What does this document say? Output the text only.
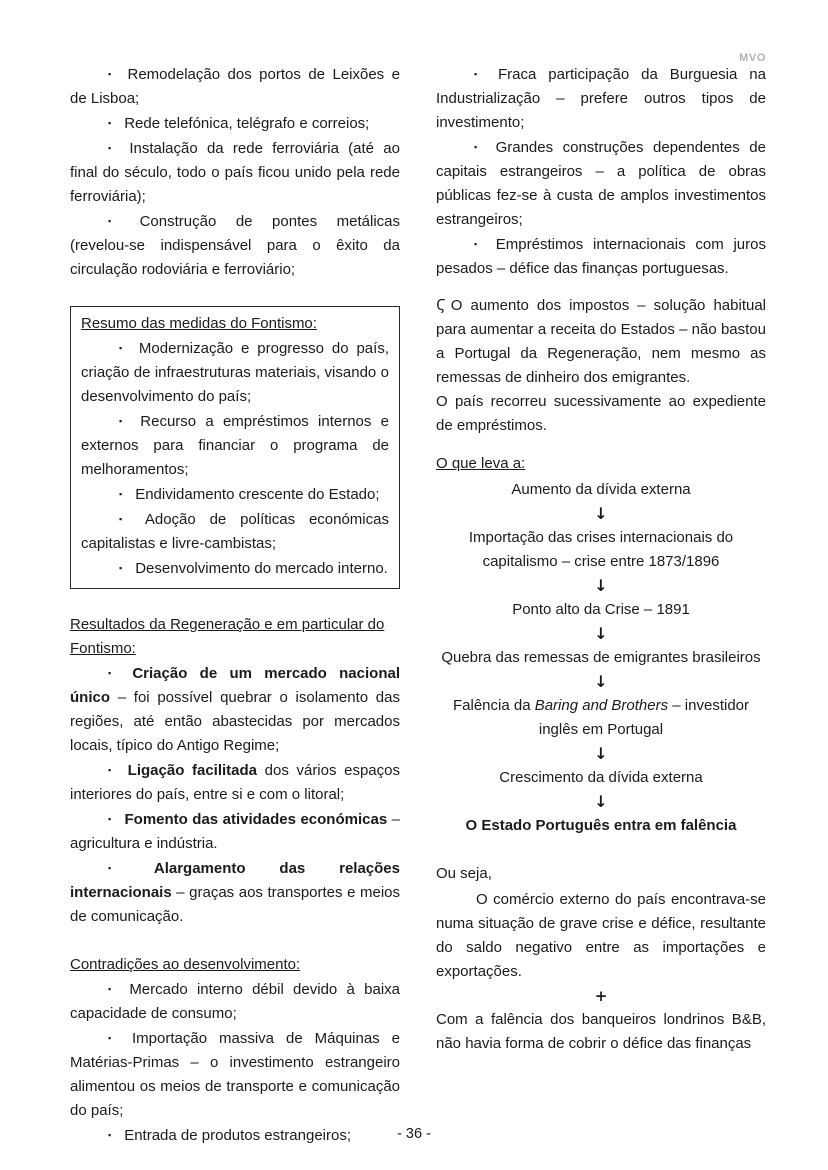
MVO

▪ Remodelação dos portos de Leixões e de Lisboa;

▪ Rede telefónica, telégrafo e correios;

▪ Instalação da rede ferroviária (até ao final do século, todo o país ficou unido pela rede ferroviária);

▪ Construção de pontes metálicas (revelou-se indispensável para o êxito da circulação rodoviária e ferroviário;

Resumo das medidas do Fontismo:

▪ Modernização e progresso do país, criação de infraestruturas materiais, visando o desenvolvimento do país;

▪ Recurso a empréstimos internos e externos para financiar o programa de melhoramentos;

▪ Endividamento crescente do Estado;

▪ Adoção de políticas económicas capitalistas e livre-cambistas;

▪ Desenvolvimento do mercado interno.

Resultados da Regeneração e em particular do Fontismo:

▪ Criação de um mercado nacional único – foi possível quebrar o isolamento das regiões, até então abastecidas por mercados locais, típico do Antigo Regime;

▪ Ligação facilitada dos vários espaços interiores do país, entre si e com o litoral;

▪ Fomento das atividades económicas – agricultura e indústria.

▪ Alargamento das relações internacionais – graças aos transportes e meios de comunicação.

Contradições ao desenvolvimento:

▪ Mercado interno débil devido à baixa capacidade de consumo;

▪ Importação massiva de Máquinas e Matérias-Primas – o investimento estrangeiro alimentou os meios de transporte e comunicação do país;

▪ Entrada de produtos estrangeiros;

▪ Fraca participação da Burguesia na Industrialização – prefere outros tipos de investimento;

▪ Grandes construções dependentes de capitais estrangeiros – a política de obras públicas fez-se à custa de amplos investimentos estrangeiros;

▪ Empréstimos internacionais com juros pesados – défice das finanças portuguesas.

Ϛ O aumento dos impostos – solução habitual para aumentar a receita do Estados – não bastou a Portugal da Regeneração, nem mesmo as remessas de dinheiro dos emigrantes.

O país recorreu sucessivamente ao expediente de empréstimos.

O que leva a:

Aumento da dívida externa

↓

Importação das crises internacionais do capitalismo – crise entre 1873/1896

↓

Ponto alto da Crise – 1891

↓

Quebra das remessas de emigrantes brasileiros

↓

Falência da Baring and Brothers – investidor inglês em Portugal

↓

Crescimento da dívida externa

↓

O Estado Português entra em falência

Ou seja,

O comércio externo do país encontrava-se numa situação de grave crise e défice, resultante do saldo negativo entre as importações e exportações.

+

Com a falência dos banqueiros londrinos B&B, não havia forma de cobrir o défice das finanças

- 36 -
